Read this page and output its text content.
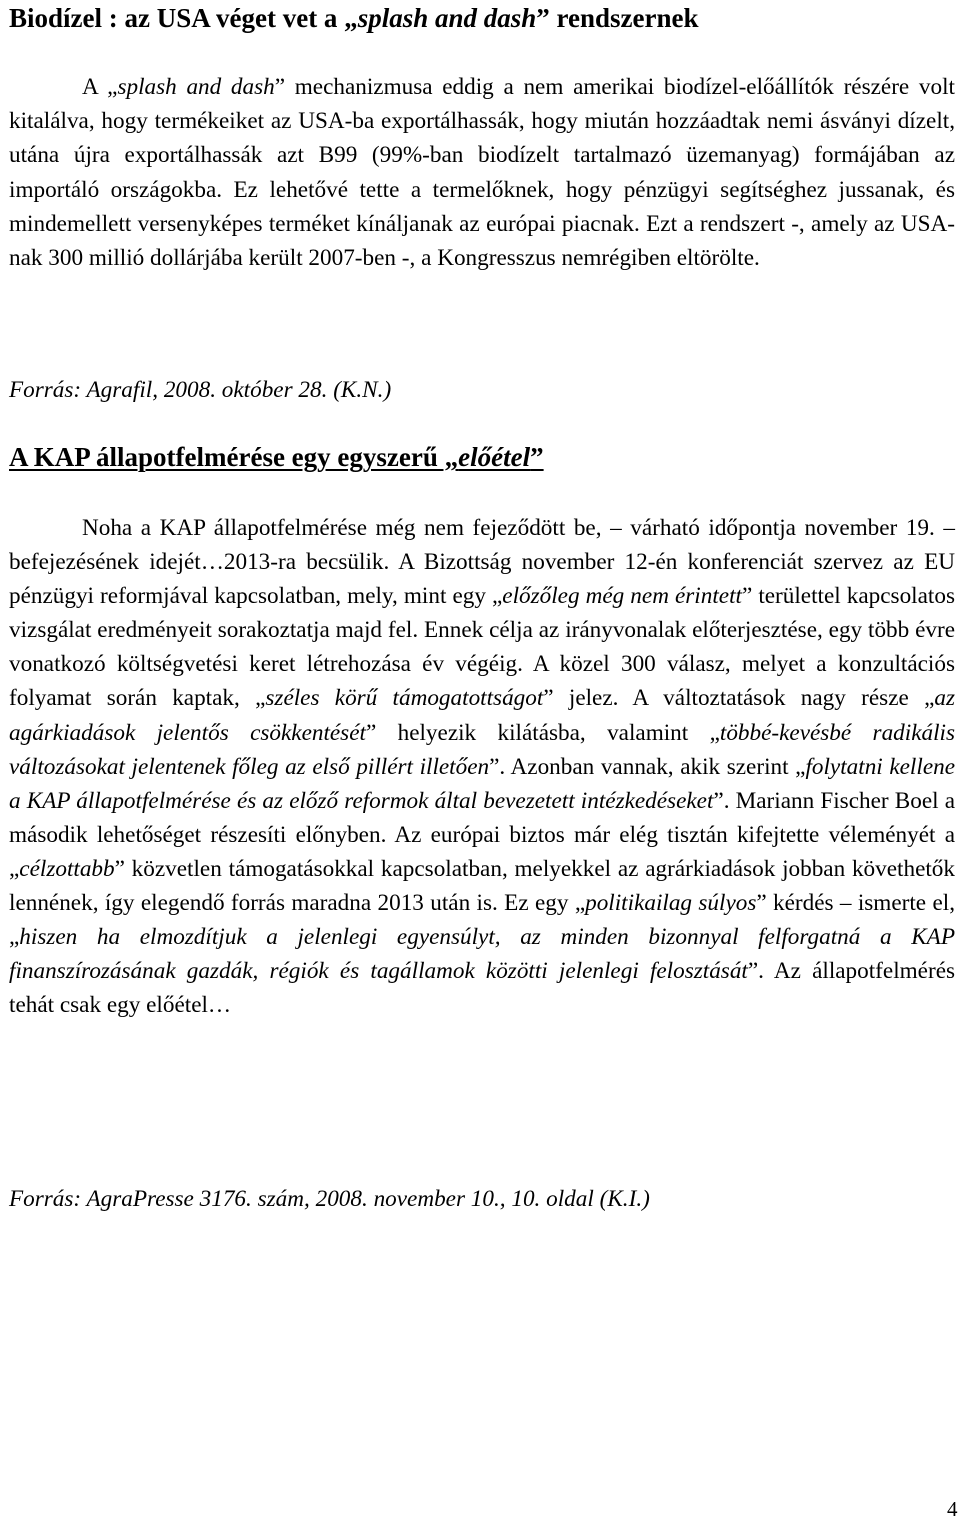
Biodízel : az USA véget vet a „splash and dash” rendszernek

A „splash and dash” mechanizmusa eddig a nem amerikai biodízel-előállítók részére volt kitalálva, hogy termékeiket az USA-ba exportálhassák, hogy miután hozzáadtak nemi ásványi dízelt, utána újra exportálhassák azt B99 (99%-ban biodízelt tartalmazó üzemanyag) formájában az importáló országokba. Ez lehetővé tette a termelőknek, hogy pénzügyi segítséghez jussanak, és mindemellett versenyképes terméket kínáljanak az európai piacnak. Ezt a rendszert -, amely az USA-nak 300 millió dollárjába került 2007-ben -, a Kongresszus nemrégiben eltörölte.

Forrás: Agrafil, 2008. október 28. (K.N.)

A KAP állapotfelmérése egy egyszerű „előétel”

Noha a KAP állapotfelmérése még nem fejeződött be, – várható időpontja november 19. – befejezésének idejét…2013-ra becsülik. A Bizottság november 12-én konferenciát szervez az EU pénzügyi reformjával kapcsolatban, mely, mint egy „előzőleg még nem érintett” területtel kapcsolatos vizsgálat eredményeit sorakoztatja majd fel. Ennek célja az irányvonalak előterjesztése, egy több évre vonatkozó költségvetési keret létrehozása év végéig. A közel 300 válasz, melyet a konzultációs folyamat során kaptak, „széles körű támogatottságot” jelez. A változtatások nagy része „az agárkiadások jelentős csökkentését” helyezik kilátásba, valamint „többé-kevésbé radikális változásokat jelentenek főleg az első pillért illetően”. Azonban vannak, akik szerint „folytatni kellene a KAP állapotfelmérése és az előző reformok által bevezetett intézkedéseket”. Mariann Fischer Boel a második lehetőséget részesíti előnyben. Az európai biztos már elég tisztán kifejtette véleményét a „célzottabb” közvetlen támogatásokkal kapcsolatban, melyekkel az agrárkiadások jobban követhetők lennének, így elegendő forrás maradna 2013 után is. Ez egy „politikailag súlyos” kérdés – ismerte el, „hiszen ha elmozdítjuk a jelenlegi egyensúlyt, az minden bizonnyal felforgatná a KAP finanszírozásának gazdák, régiók és tagállamok közötti jelenlegi felosztását”. Az állapotfelmérés tehát csak egy előétel…

Forrás: AgraPresse 3176. szám, 2008. november 10., 10. oldal (K.I.)

4
